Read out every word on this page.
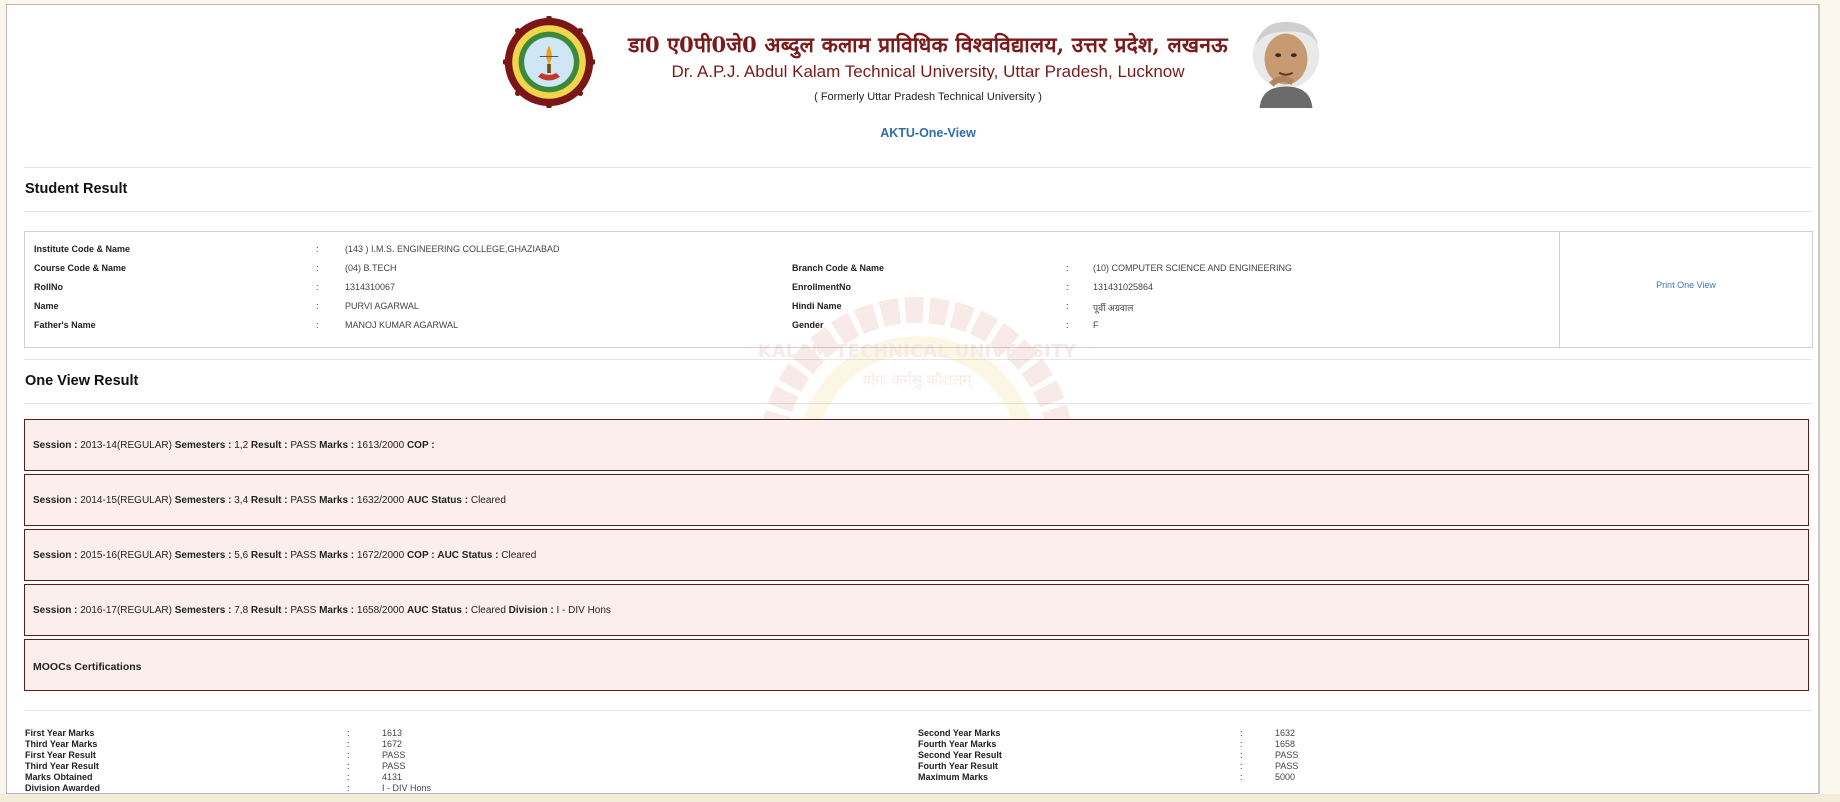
डा0 ए0पी0जे0 अब्दुल कलाम प्राविधिक विश्वविद्यालय, उत्तर प्रदेश, लखनऊ
Dr. A.P.J. Abdul Kalam Technical University, Uttar Pradesh, Lucknow
( Formerly Uttar Pradesh Technical University )
AKTU-One-View
Student Result
Institute Code & Name	:	(143 ) I.M.S. ENGINEERING COLLEGE,GHAZIABAD
Course Code & Name	:	(04) B.TECH
RollNo	:	1314310067
Name	:	PURVI AGARWAL
Father's Name	:	MANOJ KUMAR AGARWAL
Branch Code & Name	:	(10) COMPUTER SCIENCE AND ENGINEERING
EnrollmentNo	:	131431025864
Hindi Name	:	पूर्वी अग्रवाल
Gender	:	F
Print One View
One View Result
KALAM TECHNICAL UNIVERSITY
योगः कर्मसु कौशलम्
Session : 2013-14(REGULAR) Semesters : 1,2 Result : PASS Marks : 1613/2000 COP :
Session : 2014-15(REGULAR) Semesters : 3,4 Result : PASS Marks : 1632/2000 AUC Status : Cleared
Session : 2015-16(REGULAR) Semesters : 5,6 Result : PASS Marks : 1672/2000 COP : AUC Status : Cleared
Session : 2016-17(REGULAR) Semesters : 7,8 Result : PASS Marks : 1658/2000 AUC Status : Cleared Division : I - DIV Hons
MOOCs Certifications
First Year Marks	:	1613
Third Year Marks	:	1672
First Year Result	:	PASS
Third Year Result	:	PASS
Marks Obtained	:	4131
Division Awarded	:	I - DIV Hons
Second Year Marks	:	1632
Fourth Year Marks	:	1658
Second Year Result	:	PASS
Fourth Year Result	:	PASS
Maximum Marks	:	5000
